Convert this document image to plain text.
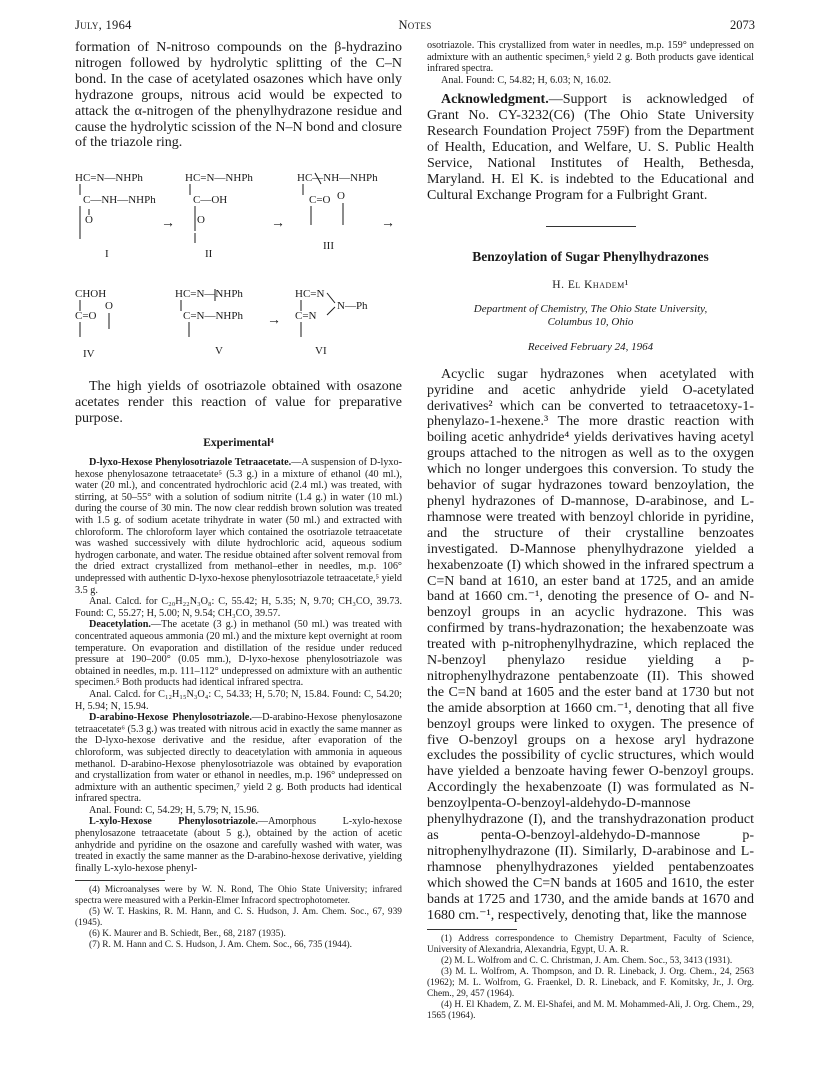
July, 1964	Notes	2073

formation of N-nitroso compounds on the β-hydrazino nitrogen followed by hydrolytic splitting of the C–N bond. In the case of acetylated osazones which have only hydrazone groups, nitrous acid would be expected to attack the α-nitrogen of the phenylhydrazone residue and cause the hydrolytic scission of the N–N bond and closure of the triazole ring.

HC=N—NHPh
C—NH—NHPh
O
I
HC=N—NHPh
C—OH
O
II
HC—NH—NHPh
C=O O
III
CHOH
C=O
O
IV
HC=N—NHPh
C=N—NHPh
V
HC=N
C=N
N—Ph
VI
→	→	→
→

The high yields of osotriazole obtained with osazone acetates render this reaction of value for preparative purpose.

Experimental⁴

D-lyxo-Hexose Phenylosotriazole Tetraacetate.—A suspension of D-lyxo-hexose phenylosazone tetraacetate⁵ (5.3 g.) in a mixture of ethanol (40 ml.), water (20 ml.), and concentrated hydrochloric acid (2.4 ml.) was treated, with stirring, at 50–55° with a solution of sodium nitrite (1.4 g.) in water (10 ml.) during the course of 30 min. The now clear reddish brown solution was treated with 1.5 g. of sodium acetate trihydrate in water (50 ml.) and extracted with chloroform. The chloroform layer which contained the osotriazole tetraacetate was washed successively with dilute hydrochloric acid, aqueous sodium hydrogen carbonate, and water. The residue obtained after solvent removal from the dried extract crystallized from methanol–ether in needles, m.p. 106° undepressed with authentic D-lyxo-hexose phenylosotriazole tetraacetate,⁵ yield 3.5 g.

Anal. Calcd. for C₂₀H₂₂N₃O₈: C, 55.42; H, 5.35; N, 9.70; CH₃CO, 39.73. Found: C, 55.27; H, 5.00; N, 9.54; CH₃CO, 39.57.

Deacetylation.—The acetate (3 g.) in methanol (50 ml.) was treated with concentrated aqueous ammonia (20 ml.) and the mixture kept overnight at room temperature. On evaporation and distillation of the residue under reduced pressure at 190–200° (0.05 mm.), D-lyxo-hexose phenylosotriazole was obtained in needles, m.p. 111–112° undepressed on admixture with an authentic specimen.⁵ Both products had identical infrared spectra.

Anal. Calcd. for C₁₂H₁₅N₃O₄: C, 54.33; H, 5.70; N, 15.84. Found: C, 54.20; H, 5.94; N, 15.94.

D-arabino-Hexose Phenylosotriazole.—D-arabino-Hexose phenylosazone tetraacetate⁶ (5.3 g.) was treated with nitrous acid in exactly the same manner as the D-lyxo-hexose derivative and the residue, after evaporation of the chloroform, was subjected directly to deacetylation with ammonia in aqueous methanol. D-arabino-Hexose phenylosotriazole was obtained by evaporation and crystallization from water or ethanol in needles, m.p. 196° undepressed on admixture with an authentic specimen,⁷ yield 2 g. Both products had identical infrared spectra.

Anal. Found: C, 54.29; H, 5.79; N, 15.96.

L-xylo-Hexose Phenylosotriazole.—Amorphous L-xylo-hexose phenylosazone tetraacetate (about 5 g.), obtained by the action of acetic anhydride and pyridine on the osazone and carefully washed with water, was treated in exactly the same manner as the D-arabino-hexose derivative, yielding finally L-xylo-hexose phenyl-

(4) Microanalyses were by W. N. Rond, The Ohio State University; infrared spectra were measured with a Perkin-Elmer Infracord spectrophotometer.

(5) W. T. Haskins, R. M. Hann, and C. S. Hudson, J. Am. Chem. Soc., 67, 939 (1945).

(6) K. Maurer and B. Schiedt, Ber., 68, 2187 (1935).

(7) R. M. Hann and C. S. Hudson, J. Am. Chem. Soc., 66, 735 (1944).

osotriazole. This crystallized from water in needles, m.p. 159° undepressed on admixture with an authentic specimen,⁵ yield 2 g. Both products gave identical infrared spectra.

Anal. Found: C, 54.82; H, 6.03; N, 16.02.

Acknowledgment.—Support is acknowledged of Grant No. CY-3232(C6) (The Ohio State University Research Foundation Project 759F) from the Department of Health, Education, and Welfare, U. S. Public Health Service, National Institutes of Health, Bethesda, Maryland. H. El K. is indebted to the Educational and Cultural Exchange Program for a Fulbright Grant.

Benzoylation of Sugar Phenylhydrazones
H. El Khadem¹
Department of Chemistry, The Ohio State University,
Columbus 10, Ohio
Received February 24, 1964

Acyclic sugar hydrazones when acetylated with pyridine and acetic anhydride yield O-acetylated derivatives² which can be converted to tetraacetoxy-1-phenylazo-1-hexene.³ The more drastic reaction with boiling acetic anhydride⁴ yields derivatives having acetyl groups attached to the nitrogen as well as to the oxygen which no longer undergoes this conversion. To study the behavior of sugar hydrazones toward benzoylation, the phenyl hydrazones of D-mannose, D-arabinose, and L-rhamnose were treated with benzoyl chloride in pyridine, and the structure of their crystalline benzoates investigated. D-Mannose phenylhydrazone yielded a hexabenzoate (I) which showed in the infrared spectrum a C=N band at 1610, an ester band at 1725, and an amide band at 1660 cm.⁻¹, denoting the presence of O- and N-benzoyl groups in an acyclic hydrazone. This was confirmed by trans-hydrazonation; the hexabenzoate was treated with p-nitrophenylhydrazine, which replaced the N-benzoyl phenylazo residue yielding a p-nitrophenylhydrazone pentabenzoate (II). This showed the C=N band at 1605 and the ester band at 1730 but not the amide absorption at 1660 cm.⁻¹, denoting that all five benzoyl groups were linked to oxygen. The presence of five O-benzoyl groups on a hexose aryl hydrazone excludes the possibility of cyclic structures, which would have yielded a benzoate having fewer O-benzoyl groups. Accordingly the hexabenzoate (I) was formulated as N-benzoylpenta-O-benzoyl-aldehydo-D-mannose phenylhydrazone (I), and the transhydrazonation product as penta-O-benzoyl-aldehydo-D-mannose p-nitrophenylhydrazone (II). Similarly, D-arabinose and L-rhamnose phenylhydrazones yielded pentabenzoates which showed the C=N bands at 1605 and 1610, the ester bands at 1725 and 1730, and the amide bands at 1670 and 1680 cm.⁻¹, respectively, denoting that, like the mannose

(1) Address correspondence to Chemistry Department, Faculty of Science, University of Alexandria, Alexandria, Egypt, U. A. R.

(2) M. L. Wolfrom and C. C. Christman, J. Am. Chem. Soc., 53, 3413 (1931).

(3) M. L. Wolfrom, A. Thompson, and D. R. Lineback, J. Org. Chem., 24, 2563 (1962); M. L. Wolfrom, G. Fraenkel, D. R. Lineback, and F. Komitsky, Jr., J. Org. Chem., 29, 457 (1964).

(4) H. El Khadem, Z. M. El-Shafei, and M. M. Mohammed-Ali, J. Org. Chem., 29, 1565 (1964).
